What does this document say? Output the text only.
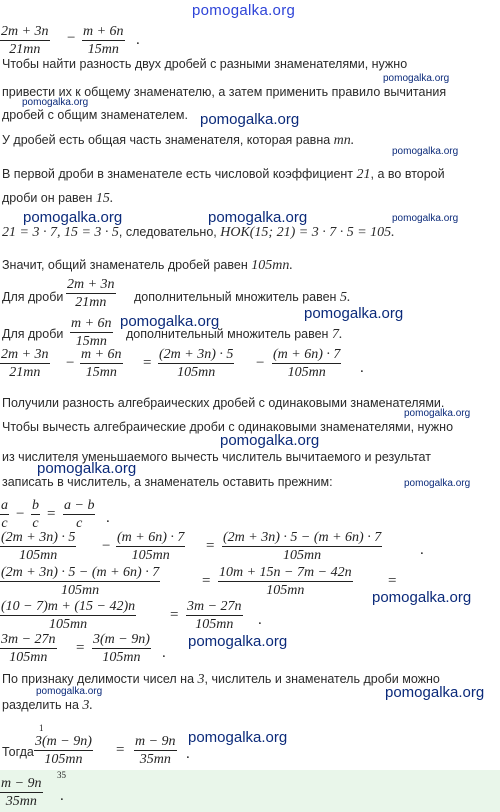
pomogalka.org
$\frac{2m + 3n}{21mn} - \frac{m + 6n}{15mn}$ .
Чтобы найти разность двух дробей с разными знаменателями, нужно
pomogalka.org
привести их к общему знаменателю, а затем применить правило вычитания
pomogalka.org
дробей с общим знаменателем. pomogalka.org
У дробей есть общая часть знаменателя, которая равна mn.
pomogalka.org
В первой дроби в знаменателе есть числовой коэффициент 21, а во второй
дроби он равен 15.
pomogalka.org	pomogalka.org	pomogalka.org
21 = 3 · 7, 15 = 3 · 5, следовательно, НОК(15; 21) = 3 · 7 · 5 = 105.
Значит, общий знаменатель дробей равен 105mn.
Для дроби $\frac{2m + 3n}{21mn}$ дополнительный множитель равен 5.
pomogalka.org
Для дроби $\frac{m + 6n}{15mn}$ pomogalka.org
дополнительный множитель равен 7.
$\frac{2m + 3n}{21mn} - \frac{m + 6n}{15mn} = \frac{(2m + 3n) \cdot 5}{105mn} - \frac{(m + 6n) \cdot 7}{105mn}$ .
Получили разность алгебраических дробей с одинаковыми знаменателями.
pomogalka.org
Чтобы вычесть алгебраические дроби с одинаковыми знаменателями, нужно
pomogalka.org
из числителя уменьшаемого вычесть числитель вычитаемого и результат
pomogalka.org
записать в числитель, а знаменатель оставить прежним:	pomogalka.org
$\frac{a}{c} - \frac{b}{c} = \frac{a - b}{c}$ .
$\frac{(2m + 3n) \cdot 5}{105mn} - \frac{(m + 6n) \cdot 7}{105mn} = \frac{(2m + 3n) \cdot 5 - (m + 6n) \cdot 7}{105mn}$	.
$\frac{(2m + 3n) \cdot 5 - (m + 6n) \cdot 7}{105mn}$	= $\frac{10m + 15n - 7m - 42n}{105mn}$ =
pomogalka.org
$\frac{(10 - 7)m + (15 - 42)n}{105mn} = \frac{3m - 27n}{105mn}$ .
$\frac{3m - 27n}{105mn} = \frac{3(m - 9n)}{105mn}$ .
pomogalka.org
По признаку делимости чисел на 3, числитель и знаменатель дроби можно
pomogalka.org
pomogalka.org
разделить на 3.
Тогда
1
$\frac{3(m - 9n)}{105mn} = \frac{m - 9n}{35mn}$ .
pomogalka.org
35
$\frac{m - 9n}{35mn}$ .
